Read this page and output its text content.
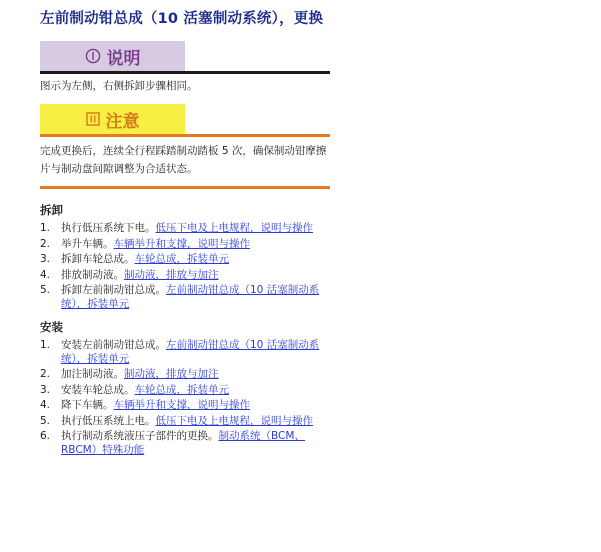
左前制动钳总成（10 活塞制动系统），更换
说明
图示为左侧，右侧拆卸步骤相同。
注意
完成更换后，连续全行程踩踏制动踏板 5 次，确保制动钳摩擦片与制动盘间隙调整为合适状态。
拆卸
1. 执行低压系统下电。低压下电及上电规程，说明与操作
2. 举升车辆。车辆举升和支撑，说明与操作
3. 拆卸车轮总成。车轮总成，拆装单元
4. 排放制动液。制动液，排放与加注
5. 拆卸左前制动钳总成。左前制动钳总成（10 活塞制动系统），拆装单元
安装
1. 安装左前制动钳总成。左前制动钳总成（10 活塞制动系统），拆装单元
2. 加注制动液。制动液，排放与加注
3. 安装车轮总成。车轮总成，拆装单元
4. 降下车辆。车辆举升和支撑，说明与操作
5. 执行低压系统上电。低压下电及上电规程，说明与操作
6. 执行制动系统液压子部件的更换。制动系统（BCM、RBCM）特殊功能
